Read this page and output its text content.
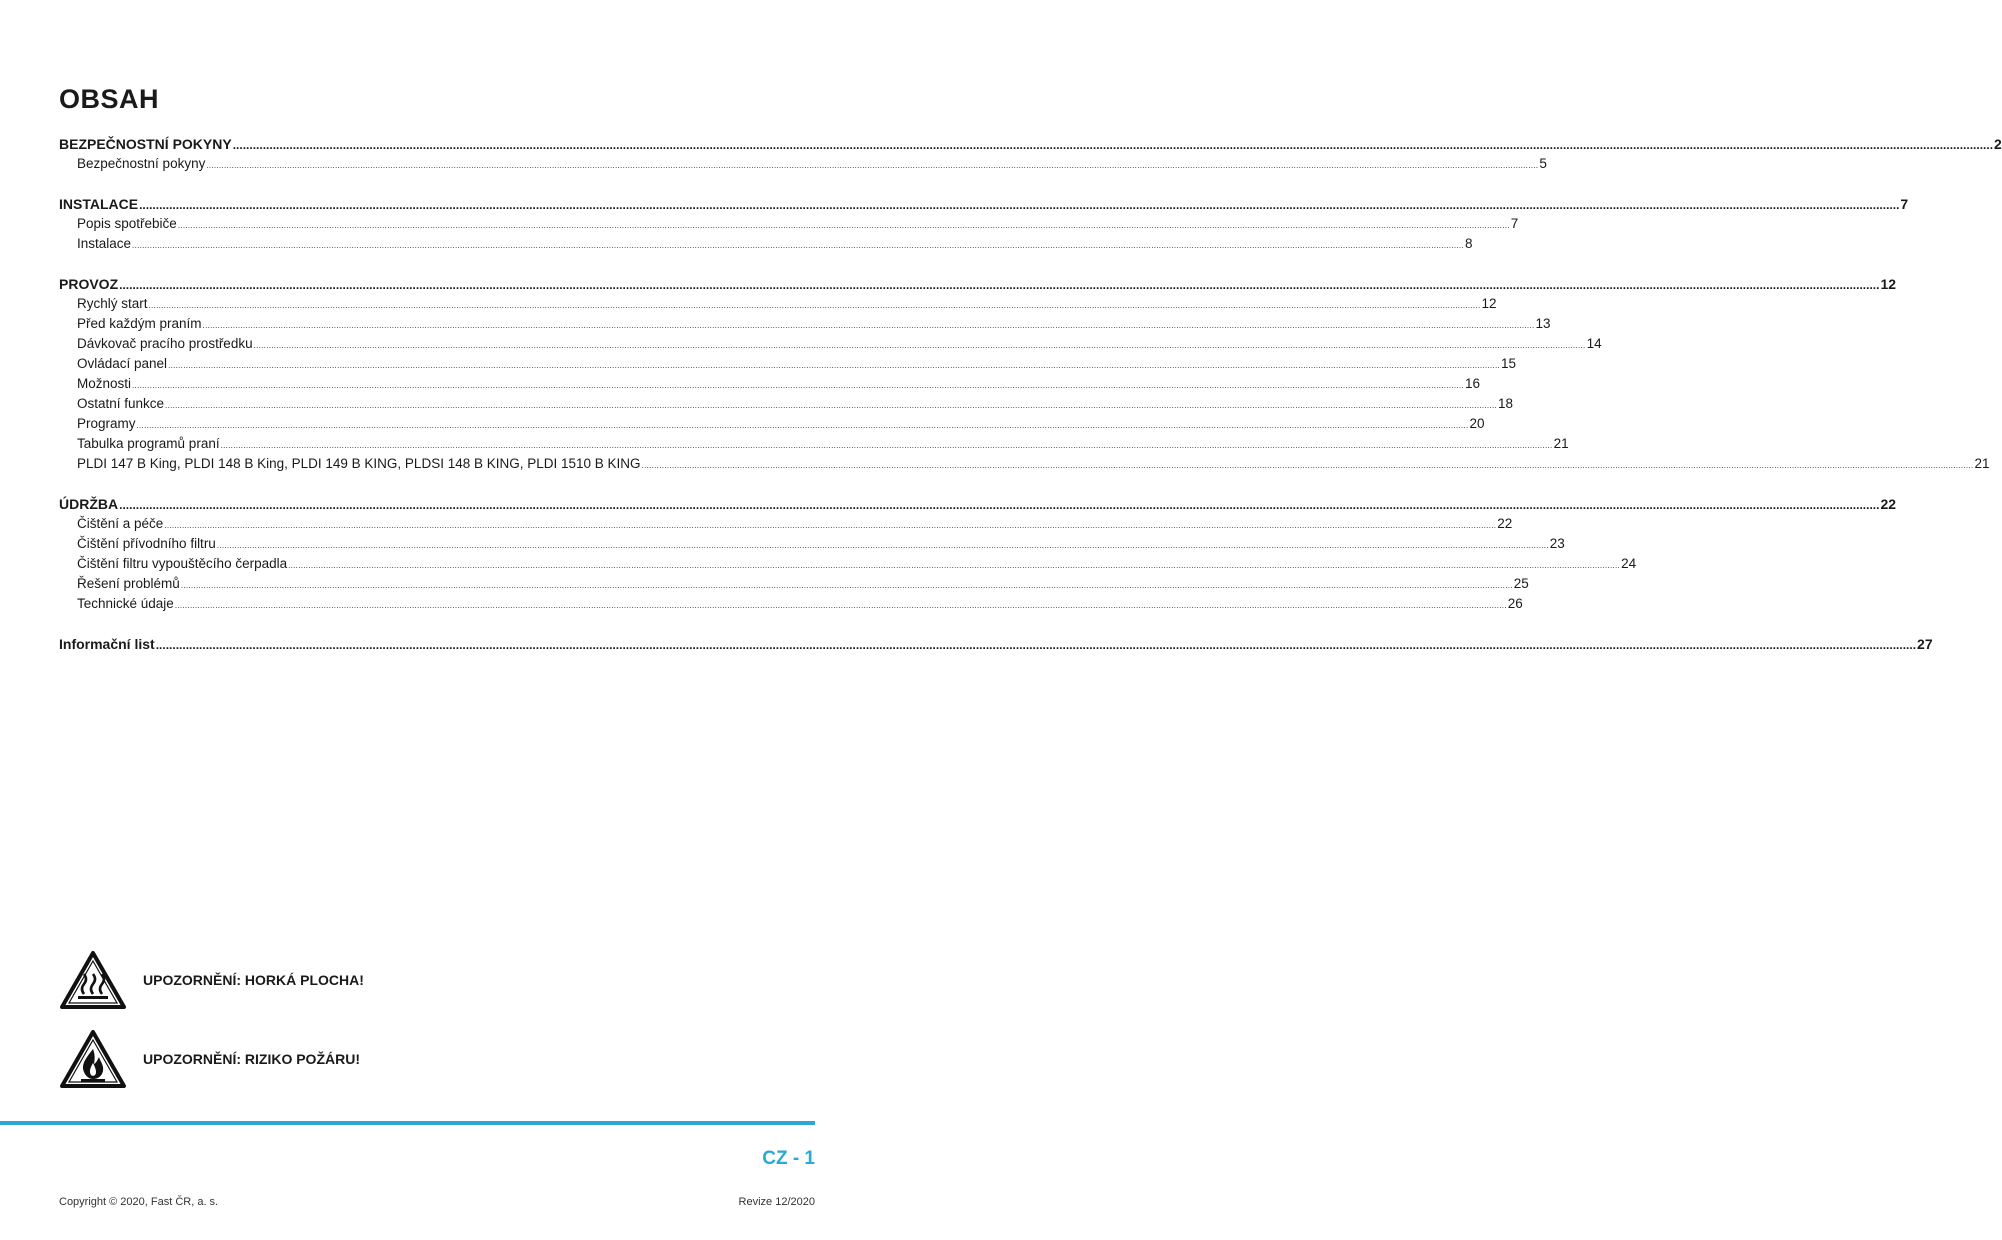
OBSAH
BEZPEČNOSTNÍ POKYNY ................................................................................................................................................................................................................................................................................................................................................................................................................................................................................................................................................ 2
Bezpečnostní pokyny ................................................................................................................................................................................................................................................................................................................................................................................................................................................................................................................................................ 5
INSTALACE ................................................................................................................................................................................................................................................................................................................................................................................................................................................................................................................................................ 7
Popis spotřebiče ................................................................................................................................................................................................................................................................................................................................................................................................................................................................................................................................................ 7
Instalace ................................................................................................................................................................................................................................................................................................................................................................................................................................................................................................................................................ 8
PROVOZ ................................................................................................................................................................................................................................................................................................................................................................................................................................................................................................................................................ 12
Rychlý start ................................................................................................................................................................................................................................................................................................................................................................................................................................................................................................................................................ 12
Před každým praním ................................................................................................................................................................................................................................................................................................................................................................................................................................................................................................................................................ 13
Dávkovač pracího prostředku ................................................................................................................................................................................................................................................................................................................................................................................................................................................................................................................................................ 14
Ovládací panel ................................................................................................................................................................................................................................................................................................................................................................................................................................................................................................................................................ 15
Možnosti ................................................................................................................................................................................................................................................................................................................................................................................................................................................................................................................................................ 16
Ostatní funkce ................................................................................................................................................................................................................................................................................................................................................................................................................................................................................................................................................ 18
Programy ................................................................................................................................................................................................................................................................................................................................................................................................................................................................................................................................................ 20
Tabulka programů praní ................................................................................................................................................................................................................................................................................................................................................................................................................................................................................................................................................ 21
PLDI 147 B King, PLDI 148 B King, PLDI 149 B KING, PLDSI 148 B KING, PLDI 1510 B KING ................................................................................................................................................................................................................................................................................................................................................................................................................................................................................................................................................ 21
ÚDRŽBA ................................................................................................................................................................................................................................................................................................................................................................................................................................................................................................................................................ 22
Čištění a péče ................................................................................................................................................................................................................................................................................................................................................................................................................................................................................................................................................ 22
Čištění přívodního filtru ................................................................................................................................................................................................................................................................................................................................................................................................................................................................................................................................................ 23
Čištění filtru vypouštěcího čerpadla ................................................................................................................................................................................................................................................................................................................................................................................................................................................................................................................................................ 24
Řešení problémů ................................................................................................................................................................................................................................................................................................................................................................................................................................................................................................................................................ 25
Technické údaje ................................................................................................................................................................................................................................................................................................................................................................................................................................................................................................................................................ 26
Informační list ................................................................................................................................................................................................................................................................................................................................................................................................................................................................................................................................................ 27
UPOZORNĚNÍ: HORKÁ PLOCHA!
UPOZORNĚNÍ: RIZIKO POŽÁRU!
CZ - 1
Copyright © 2020, Fast ČR, a. s.	Revize 12/2020
